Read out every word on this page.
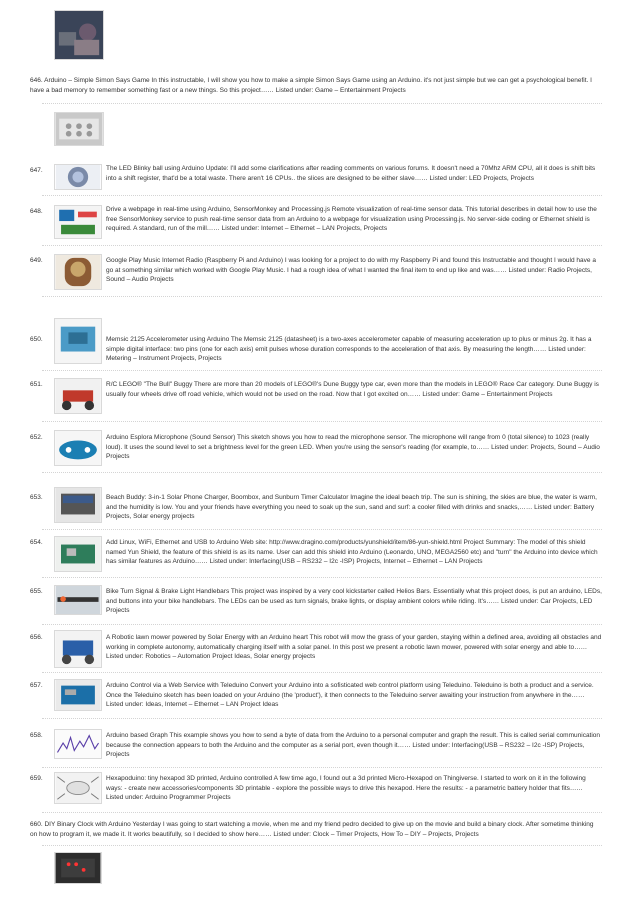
646. Arduino – Simple Simon Says Game In this instructable, I will show you how to make a simple Simon Says Game using an Arduino. it's not just simple but we can get a psychological benefit. I have a bad memory to remember something fast or a new things. So this project…… Listed under: Game – Entertainment Projects
647.	The LED Blinky ball using Arduino Update: I'll add some clarifications after reading comments on various forums. It doesn't need a 70Mhz ARM CPU, all it does is shift bits into a shift register, that'd be a total waste. There aren't 16 CPUs.. the slices are designed to be either slave…… Listed under: LED Projects, Projects
648.	Drive a webpage in real-time using Arduino, SensorMonkey and Processing.js Remote visualization of real-time sensor data. This tutorial describes in detail how to use the free SensorMonkey service to push real-time sensor data from an Arduino to a webpage for visualization using Processing.js. No server-side coding or Ethernet shield is required. A standard, run of the mill…… Listed under: Internet – Ethernet – LAN Projects, Projects
649.	Google Play Music Internet Radio (Raspberry Pi and Arduino) I was looking for a project to do with my Raspberry Pi and found this Instructable and thought I would have a go at something similar which worked with Google Play Music. I had a rough idea of what I wanted the final item to end up like and was…… Listed under: Radio Projects, Sound – Audio Projects
650.	Memsic 2125 Accelerometer using Arduino The Memsic 2125 (datasheet) is a two-axes accelerometer capable of measuring acceleration up to plus or minus 2g. It has a simple digital interface: two pins (one for each axis) emit pulses whose duration corresponds to the acceleration of that axis. By measuring the length…… Listed under: Metering – Instrument Projects, Projects
651.	R/C LEGO® "The Bull" Buggy There are more than 20 models of LEGO®'s Dune Buggy type car, even more than the models in LEGO® Race Car category. Dune Buggy is usually four wheels drive off road vehicle, which would not be used on the road. Now that I got excited on…… Listed under: Game – Entertainment Projects
652.	Arduino Esplora Microphone (Sound Sensor) This sketch shows you how to read the microphone sensor. The microphone will range from 0 (total silence) to 1023 (really loud). It uses the sound level to set a brightness level for the green LED. When you're using the sensor's reading (for example, to…… Listed under: Projects, Sound – Audio Projects
653.	Beach Buddy: 3-in-1 Solar Phone Charger, Boombox, and Sunburn Timer Calculator Imagine the ideal beach trip. The sun is shining, the skies are blue, the water is warm, and the humidity is low. You and your friends have everything you need to soak up the sun, sand and surf: a cooler filled with drinks and snacks,…… Listed under: Battery Projects, Solar energy projects
654.	Add Linux, WiFi, Ethernet and USB to Arduino Web site: http://www.dragino.com/products/yunshield/item/86-yun-shield.html Project Summary: The model of this shield named Yun Shield, the feature of this shield is as its name. User can add this shield into Arduino (Leonardo, UNO, MEGA2560 etc) and "turn" the Arduino into device which has similar features as Arduino…… Listed under: Interfacing(USB – RS232 – I2c -ISP) Projects, Internet – Ethernet – LAN Projects
655.	Bike Turn Signal & Brake Light Handlebars This project was inspired by a very cool kickstarter called Helios Bars. Essentially what this project does, is put an arduino, LEDs, and buttons into your bike handlebars. The LEDs can be used as turn signals, brake lights, or display ambient colors while riding. It's…… Listed under: Car Projects, LED Projects
656.	A Robotic lawn mower powered by Solar Energy with an Arduino heart This robot will mow the grass of your garden, staying within a defined area, avoiding all obstacles and working in complete autonomy, automatically charging itself with a solar panel. In this post we present a robotic lawn mower, powered with solar energy and able to…… Listed under: Robotics – Automation Project Ideas, Solar energy projects
657.	Arduino Control via a Web Service with Teleduino Convert your Arduino into a sofisticated web control platform using Teleduino. Teleduino is both a product and a service. Once the Teleduino sketch has been loaded on your Arduino (the 'product'), it then connects to the Teleduino server awaiting your instruction from anywhere in the…… Listed under: Ideas, Internet – Ethernet – LAN Project Ideas
658.	Arduino based Graph This example shows you how to send a byte of data from the Arduino to a personal computer and graph the result. This is called serial communication because the connection appears to both the Arduino and the computer as a serial port, even though it…… Listed under: Interfacing(USB – RS232 – I2c -ISP) Projects, Projects
659.	Hexapoduino: tiny hexapod 3D printed, Arduino controlled A few time ago, I found out a 3d printed Micro-Hexapod on Thingiverse. I started to work on it in the following ways: - create new accessories/components 3D printable - explore the possible ways to drive this hexapod. Here the results: - a parametric battery holder that fits…… Listed under: Arduino Programmer Projects
660. DIY Binary Clock with Arduino Yesterday I was going to start watching a movie, when me and my friend pedro decided to give up on the movie and build a binary clock. After sometime thinking on how to program it, we made it. It works beautifully, so I decided to show here…… Listed under: Clock – Timer Projects, How To – DIY – Projects, Projects
